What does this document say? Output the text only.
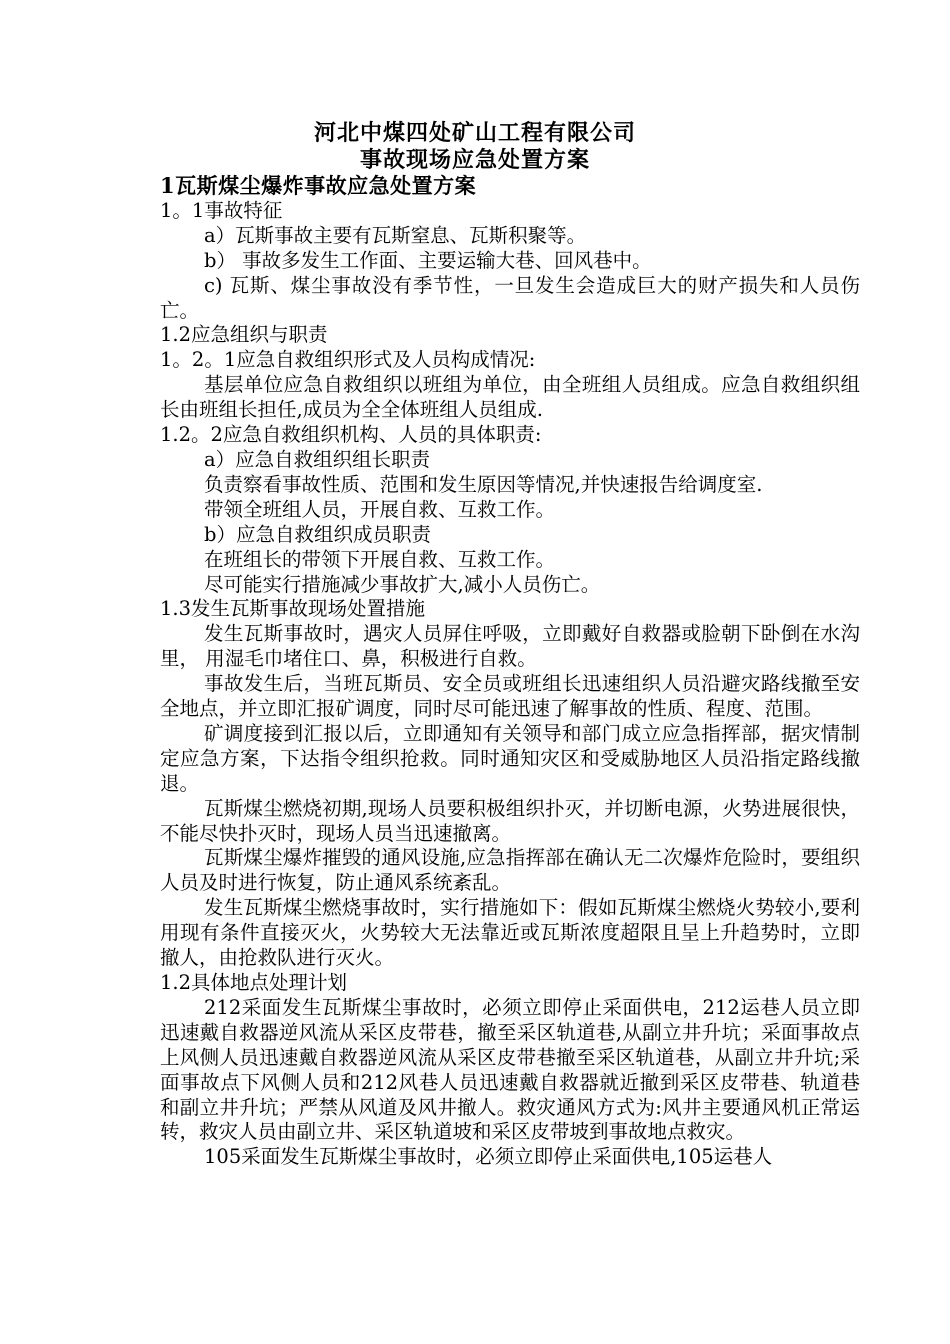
河北中煤四处矿山工程有限公司
事故现场应急处置方案

1瓦斯煤尘爆炸事故应急处置方案

1。1事故特征

a）瓦斯事故主要有瓦斯窒息、瓦斯积聚等。

b） 事故多发生工作面、主要运输大巷、回风巷中。

c) 瓦斯、煤尘事故没有季节性，一旦发生会造成巨大的财产损失和人员伤亡。

1.2应急组织与职责

1。2。1应急自救组织形式及人员构成情况:

基层单位应急自救组织以班组为单位，由全班组人员组成。应急自救组织组长由班组长担任,成员为全全体班组人员组成.

1.2。2应急自救组织机构、人员的具体职责:

a）应急自救组织组长职责

负责察看事故性质、范围和发生原因等情况,并快速报告给调度室.

带领全班组人员，开展自救、互救工作。

b）应急自救组织成员职责

在班组长的带领下开展自救、互救工作。

尽可能实行措施减少事故扩大,减小人员伤亡。

1.3发生瓦斯事故现场处置措施

发生瓦斯事故时，遇灾人员屏住呼吸，立即戴好自救器或脸朝下卧倒在水沟里， 用湿毛巾堵住口、鼻，积极进行自救。

事故发生后，当班瓦斯员、安全员或班组长迅速组织人员沿避灾路线撤至安全地点，并立即汇报矿调度，同时尽可能迅速了解事故的性质、程度、范围。

矿调度接到汇报以后，立即通知有关领导和部门成立应急指挥部，据灾情制定应急方案，下达指令组织抢救。同时通知灾区和受威胁地区人员沿指定路线撤退。

瓦斯煤尘燃烧初期,现场人员要积极组织扑灭，并切断电源，火势进展很快，不能尽快扑灭时，现场人员当迅速撤离。

瓦斯煤尘爆炸摧毁的通风设施,应急指挥部在确认无二次爆炸危险时，要组织人员及时进行恢复，防止通风系统紊乱。

发生瓦斯煤尘燃烧事故时，实行措施如下：假如瓦斯煤尘燃烧火势较小,要利用现有条件直接灭火，火势较大无法靠近或瓦斯浓度超限且呈上升趋势时，立即撤人，由抢救队进行灭火。

1.2具体地点处理计划

212采面发生瓦斯煤尘事故时，必须立即停止采面供电，212运巷人员立即迅速戴自救器逆风流从采区皮带巷，撤至采区轨道巷,从副立井升坑；采面事故点上风侧人员迅速戴自救器逆风流从采区皮带巷撤至采区轨道巷，从副立井升坑;采面事故点下风侧人员和212风巷人员迅速戴自救器就近撤到采区皮带巷、轨道巷和副立井升坑；严禁从风道及风井撤人。救灾通风方式为:风井主要通风机正常运转，救灾人员由副立井、采区轨道坡和采区皮带坡到事故地点救灾。

105采面发生瓦斯煤尘事故时，必须立即停止采面供电,105运巷人
